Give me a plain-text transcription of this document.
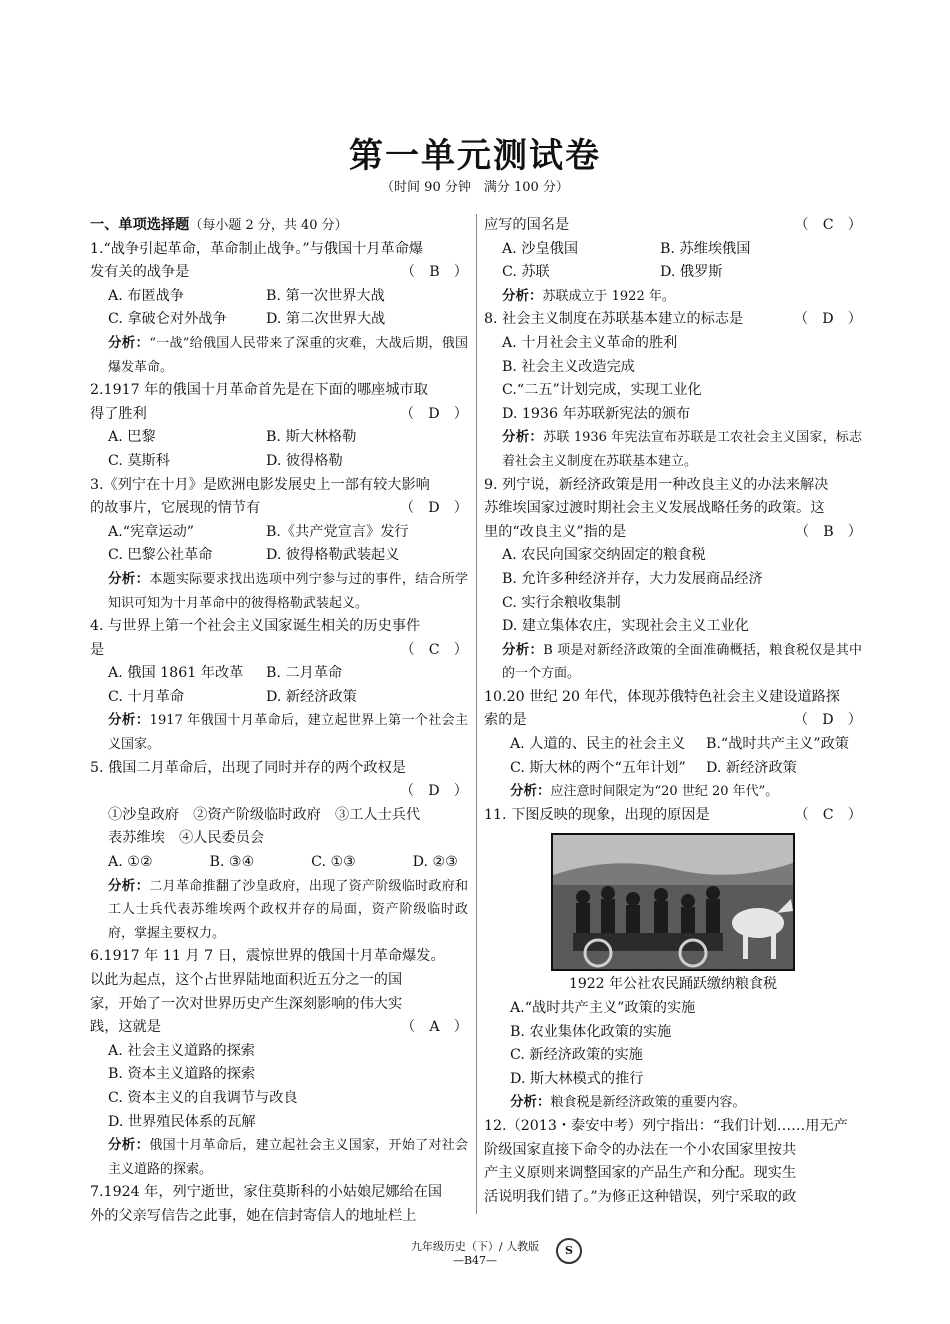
第一单元测试卷
（时间 90 分钟　满分 100 分）
一、单项选择题（每小题 2 分，共 40 分）
1.“战争引起革命，革命制止战争。”与俄国十月革命爆
发有关的战争是	（　B　）
A. 布匿战争	B. 第一次世界大战
C. 拿破仑对外战争	D. 第二次世界大战
分析：“一战”给俄国人民带来了深重的灾难，大战后期，俄国爆发革命。
2.1917 年的俄国十月革命首先是在下面的哪座城市取
得了胜利	（　D　）
A. 巴黎	B. 斯大林格勒
C. 莫斯科	D. 彼得格勒
3.《列宁在十月》是欧洲电影发展史上一部有较大影响
的故事片，它展现的情节有	（　D　）
A.“宪章运动”	B.《共产党宣言》发行
C. 巴黎公社革命	D. 彼得格勒武装起义
分析：本题实际要求找出选项中列宁参与过的事件，结合所学知识可知为十月革命中的彼得格勒武装起义。
4. 与世界上第一个社会主义国家诞生相关的历史事件
是	（　C　）
A. 俄国 1861 年改革	B. 二月革命
C. 十月革命	D. 新经济政策
分析：1917 年俄国十月革命后，建立起世界上第一个社会主义国家。
5. 俄国二月革命后，出现了同时并存的两个政权是

（　D　）
①沙皇政府　②资产阶级临时政府　③工人士兵代
表苏维埃　④人民委员会
A. ①②	B. ③④	C. ①③	D. ②③
分析：二月革命推翻了沙皇政府，出现了资产阶级临时政府和工人士兵代表苏维埃两个政权并存的局面，资产阶级临时政府，掌握主要权力。
6.1917 年 11 月 7 日，震惊世界的俄国十月革命爆发。
以此为起点，这个占世界陆地面积近五分之一的国
家，开始了一次对世界历史产生深刻影响的伟大实
践，这就是	（　A　）
A. 社会主义道路的探索
B. 资本主义道路的探索
C. 资本主义的自我调节与改良
D. 世界殖民体系的瓦解
分析：俄国十月革命后，建立起社会主义国家，开始了对社会主义道路的探索。
7.1924 年，列宁逝世，家住莫斯科的小姑娘尼娜给在国
外的父亲写信告之此事，她在信封寄信人的地址栏上
应写的国名是	（　C　）
A. 沙皇俄国	B. 苏维埃俄国
C. 苏联	D. 俄罗斯
分析：苏联成立于 1922 年。
8. 社会主义制度在苏联基本建立的标志是	（　D　）
A. 十月社会主义革命的胜利
B. 社会主义改造完成
C.“二五”计划完成，实现工业化
D. 1936 年苏联新宪法的颁布
分析：苏联 1936 年宪法宣布苏联是工农社会主义国家，标志着社会主义制度在苏联基本建立。
9. 列宁说，新经济政策是用一种改良主义的办法来解决
苏维埃国家过渡时期社会主义发展战略任务的政策。这
里的“改良主义”指的是	（　B　）
A. 农民向国家交纳固定的粮食税
B. 允许多种经济并存，大力发展商品经济
C. 实行余粮收集制
D. 建立集体农庄，实现社会主义工业化
分析：B 项是对新经济政策的全面准确概括，粮食税仅是其中的一个方面。
10.20 世纪 20 年代，体现苏俄特色社会主义建设道路探
索的是	（　D　）
A. 人道的、民主的社会主义	B.“战时共产主义”政策
C. 斯大林的两个“五年计划”	D. 新经济政策
分析：应注意时间限定为“20 世纪 20 年代”。
11. 下图反映的现象，出现的原因是	（　C　）
1922 年公社农民踊跃缴纳粮食税
A.“战时共产主义”政策的实施
B. 农业集体化政策的实施
C. 新经济政策的实施
D. 斯大林模式的推行
分析：粮食税是新经济政策的重要内容。
12.（2013・泰安中考）列宁指出：“我们计划……用无产
阶级国家直接下命令的办法在一个小农国家里按共
产主义原则来调整国家的产品生产和分配。现实生
活说明我们错了。”为修正这种错误，列宁采取的政
九年级历史（下）/ 人教版
—B47—
S
